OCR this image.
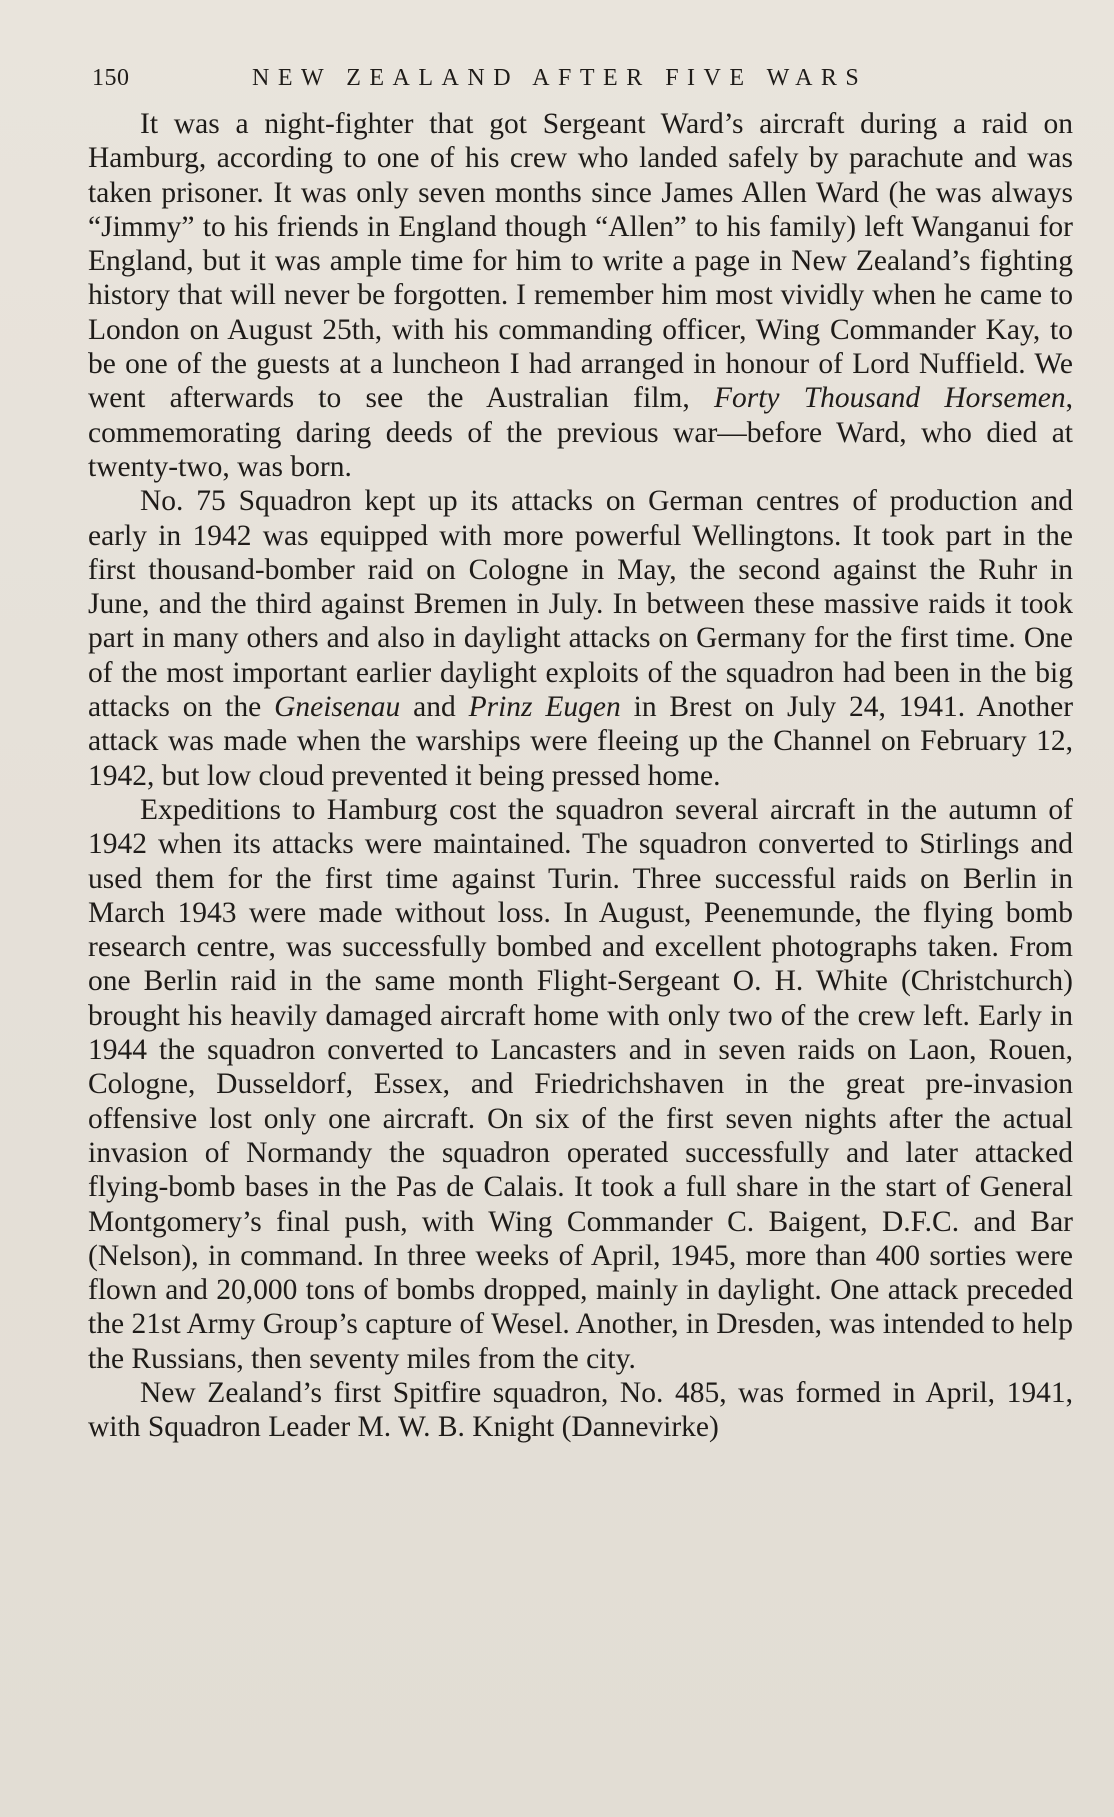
150	NEW ZEALAND AFTER FIVE WARS

It was a night-fighter that got Sergeant Ward’s aircraft during a raid on Hamburg, according to one of his crew who landed safely by parachute and was taken prisoner. It was only seven months since James Allen Ward (he was always “Jimmy” to his friends in England though “Allen” to his family) left Wanganui for England, but it was ample time for him to write a page in New Zealand’s fighting history that will never be forgotten. I remember him most vividly when he came to London on August 25th, with his commanding officer, Wing Commander Kay, to be one of the guests at a luncheon I had arranged in honour of Lord Nuffield. We went afterwards to see the Australian film, Forty Thousand Horsemen, commemorating daring deeds of the previous war—before Ward, who died at twenty-two, was born.

No. 75 Squadron kept up its attacks on German centres of production and early in 1942 was equipped with more powerful Wellingtons. It took part in the first thousand-bomber raid on Cologne in May, the second against the Ruhr in June, and the third against Bremen in July. In between these massive raids it took part in many others and also in daylight attacks on Germany for the first time. One of the most important earlier daylight exploits of the squadron had been in the big attacks on the Gneisenau and Prinz Eugen in Brest on July 24, 1941. Another attack was made when the warships were fleeing up the Channel on February 12, 1942, but low cloud prevented it being pressed home.

Expeditions to Hamburg cost the squadron several aircraft in the autumn of 1942 when its attacks were maintained. The squadron converted to Stirlings and used them for the first time against Turin. Three successful raids on Berlin in March 1943 were made without loss. In August, Peenemunde, the flying bomb research centre, was successfully bombed and excellent photographs taken. From one Berlin raid in the same month Flight-Sergeant O. H. White (Christchurch) brought his heavily damaged aircraft home with only two of the crew left. Early in 1944 the squadron converted to Lancasters and in seven raids on Laon, Rouen, Cologne, Dusseldorf, Essex, and Friedrichshaven in the great pre-invasion offensive lost only one aircraft. On six of the first seven nights after the actual invasion of Normandy the squadron operated successfully and later attacked flying-bomb bases in the Pas de Calais. It took a full share in the start of General Montgomery’s final push, with Wing Commander C. Baigent, D.F.C. and Bar (Nelson), in command. In three weeks of April, 1945, more than 400 sorties were flown and 20,000 tons of bombs dropped, mainly in daylight. One attack preceded the 21st Army Group’s capture of Wesel. Another, in Dresden, was intended to help the Russians, then seventy miles from the city.

New Zealand’s first Spitfire squadron, No. 485, was formed in April, 1941, with Squadron Leader M. W. B. Knight (Dannevirke)
